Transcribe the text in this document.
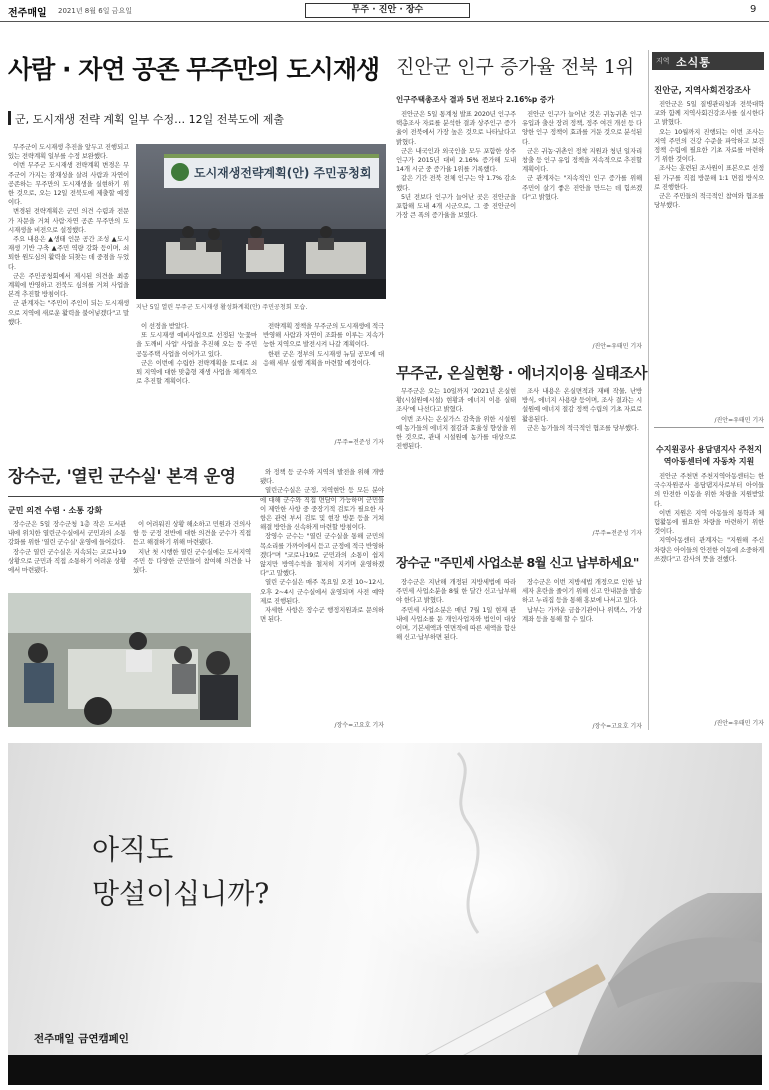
전주매일 2021년 8월 6일 금요일	무주 · 진안 · 장수	9
사람 · 자연 공존 무주만의 도시재생
군, 도시재생 전략 계획 일부 수정… 12일 전북도에 제출

무주군이 도시재생 추진을 앞두고 진행되고 있는 전략계획 일부를 수정 보완했다.

이번 무주군 도시재생 전략계획 변경은 무주군이 가지는 잠재성을 살려 사람과 자연이 공존하는 무주만의 도시재생을 실현하기 위한 것으로, 오는 12일 전북도에 제출할 예정이다.

변경된 전략계획은 군민 의견 수렴과 전문가 자문을 거쳐 사람·자연 공존 무주만의 도시재생을 비전으로 설정했다.

주요 내용은 ▲생태 인문 공간 조성 ▲도시재생 기반 구축 ▲주민 역량 강화 등이며, 쇠퇴한 원도심의 활력을 되찾는 데 중점을 두었다.

군은 주민공청회에서 제시된 의견을 최종 계획에 반영하고 전북도 심의를 거쳐 사업을 본격 추진할 방침이다.

군 관계자는 "주민이 주인이 되는 도시재생으로 지역에 새로운 활력을 불어넣겠다"고 말했다.

도시재생전략계획(안) 주민공청회
지난 5일 열린 무주군 도시재생 활성화계획(안) 주민공청회 모습.

이 선정을 받았다.

또 도시재생 예비사업으로 선정된 '눈꽃마을 도깨비 사업' 사업을 추진해 오는 등 주민 공동주택 사업을 이어가고 있다.

군은 이번에 수립한 전략계획을 토대로 쇠퇴 지역에 대한 맞춤형 재생 사업을 체계적으로 추진할 계획이다.

전략계획 정책을 무주군의 도시재생에 적극 반영해 사람과 자연이 조화를 이루는 지속가능한 지역으로 발전시켜 나갈 계획이다.

한편 군은 정부의 도시재생 뉴딜 공모에 대응해 세부 실행 계획을 마련할 예정이다.

/무주=전준성 기자
장수군, '열린 군수실' 본격 운영
군민 의견 수렴 · 소통 강화

장수군은 5일 장수군청 1층 작은 도서관 내에 위치한 열린군수실에서 군민과의 소통 강화를 위한 '열린 군수실' 운영에 들어갔다.

장수군 열린 군수실은 지속되는 코로나19 상황으로 군민과 직접 소통하기 어려운 상황에서 마련됐다.

이 어려워진 상황 해소하고 민원과 건의사항 등 군정 전반에 대한 의견을 군수가 직접 듣고 해결하기 위해 마련됐다.

지난 첫 시행한 열린 군수실에는 도서지역 주민 등 다양한 군민들이 참여해 의견을 나눴다.

와 정책 등 군수와 지역의 발전을 위해 개방됐다.

열린군수실은 군정, 지역현안 등 모든 분야에 대해 군수와 직접 면담이 가능하며 군민들이 제안한 사항 중 중장기적 검토가 필요한 사항은 관련 부서 검토 및 현장 방문 등을 거쳐 해결 방안을 신속하게 마련할 방침이다.

장영수 군수는 "열린 군수실을 통해 군민의 목소리를 가까이에서 듣고 군정에 적극 반영하겠다"며 "코로나19로 군민과의 소통이 쉽지 않지만 방역수칙을 철저히 지키며 운영하겠다"고 말했다.

열린 군수실은 매주 목요일 오전 10~12시, 오후 2~4시 군수실에서 운영되며 사전 예약제로 진행된다.

자세한 사항은 장수군 행정지원과로 문의하면 된다.

/장수=고요호 기자
진안군 인구 증가율 전북 1위
인구주택총조사 결과 5년 전보다 2.16%p 증가

진안군은 5일 통계청 발표 2020년 인구주택총조사 자료를 분석한 결과 상주인구 증가율이 전북에서 가장 높은 것으로 나타났다고 밝혔다.

군은 내국인과 외국인을 모두 포함한 상주인구가 2015년 대비 2.16% 증가해 도내 14개 시군 중 증가율 1위를 기록했다.

같은 기간 전북 전체 인구는 약 1.7% 감소했다.

5년 전보다 인구가 늘어난 곳은 진안군을 포함해 도내 4개 시군으로, 그 중 진안군이 가장 큰 폭의 증가율을 보였다.

진안군 인구가 늘어난 것은 귀농귀촌 인구 유입과 출산 장려 정책, 정주 여건 개선 등 다양한 인구 정책이 효과를 거둔 것으로 분석된다.

군은 귀농·귀촌인 정착 지원과 청년 일자리 창출 등 인구 유입 정책을 지속적으로 추진할 계획이다.

군 관계자는 "지속적인 인구 증가를 위해 주민이 살기 좋은 진안을 만드는 데 힘쓰겠다"고 밝혔다.

/진안=우태민 기자
무주군, 온실현황 · 에너지이용 실태조사

무주군은 오는 10일까지 '2021년 온실현황(시설원예시설) 현황과 에너지 이용 실태조사'에 나선다고 밝혔다.

이번 조사는 온실가스 감축을 위한 시설원예 농가들의 에너지 절감과 효율성 향상을 위한 것으로, 관내 시설원예 농가를 대상으로 진행된다.

조사 내용은 온실면적과 재배 작물, 난방 방식, 에너지 사용량 등이며, 조사 결과는 시설원예 에너지 절감 정책 수립의 기초 자료로 활용된다.

군은 농가들의 적극적인 협조를 당부했다.

/무주=전준성 기자
장수군 "주민세 사업소분 8월 신고 납부하세요"

장수군은 지난해 개정된 지방세법에 따라 주민세 사업소분을 8월 한 달간 신고·납부해야 한다고 밝혔다.

주민세 사업소분은 매년 7월 1일 현재 관내에 사업소를 둔 개인사업자와 법인이 대상이며, 기본세액과 연면적에 따른 세액을 합산해 신고·납부하면 된다.

장수군은 이번 지방세법 개정으로 인한 납세자 혼란을 줄이기 위해 신고 안내문을 발송하고 누리집 등을 통해 홍보에 나서고 있다.

납부는 가까운 금융기관이나 위택스, 가상계좌 등을 통해 할 수 있다.

/장수=고요호 기자
지역 소식통
진안군, 지역사회건강조사

진안군은 5일 질병관리청과 전북대학교와 함께 지역사회건강조사를 실시한다고 밝혔다.

오는 10월까지 진행되는 이번 조사는 지역 주민의 건강 수준을 파악하고 보건 정책 수립에 필요한 기초 자료를 마련하기 위한 것이다.

조사는 훈련된 조사원이 표본으로 선정된 가구를 직접 방문해 1:1 면접 방식으로 진행한다.

군은 주민들의 적극적인 참여와 협조를 당부했다.

/진안=우태민 기자
수지원공사 용담댐지사 주천지역아동센터에 자동차 지원

진안군 주천면 주천지역아동센터는 한국수자원공사 용담댐지사로부터 아이들의 안전한 이동을 위한 차량을 지원받았다.

이번 지원은 지역 아동들의 통학과 체험활동에 필요한 차량을 마련하기 위한 것이다.

지역아동센터 관계자는 "지원해 주신 차량은 아이들의 안전한 이동에 소중하게 쓰겠다"고 감사의 뜻을 전했다.

/진안=우태민 기자
아직도
망설이십니까?
전주매일 금연캠페인
